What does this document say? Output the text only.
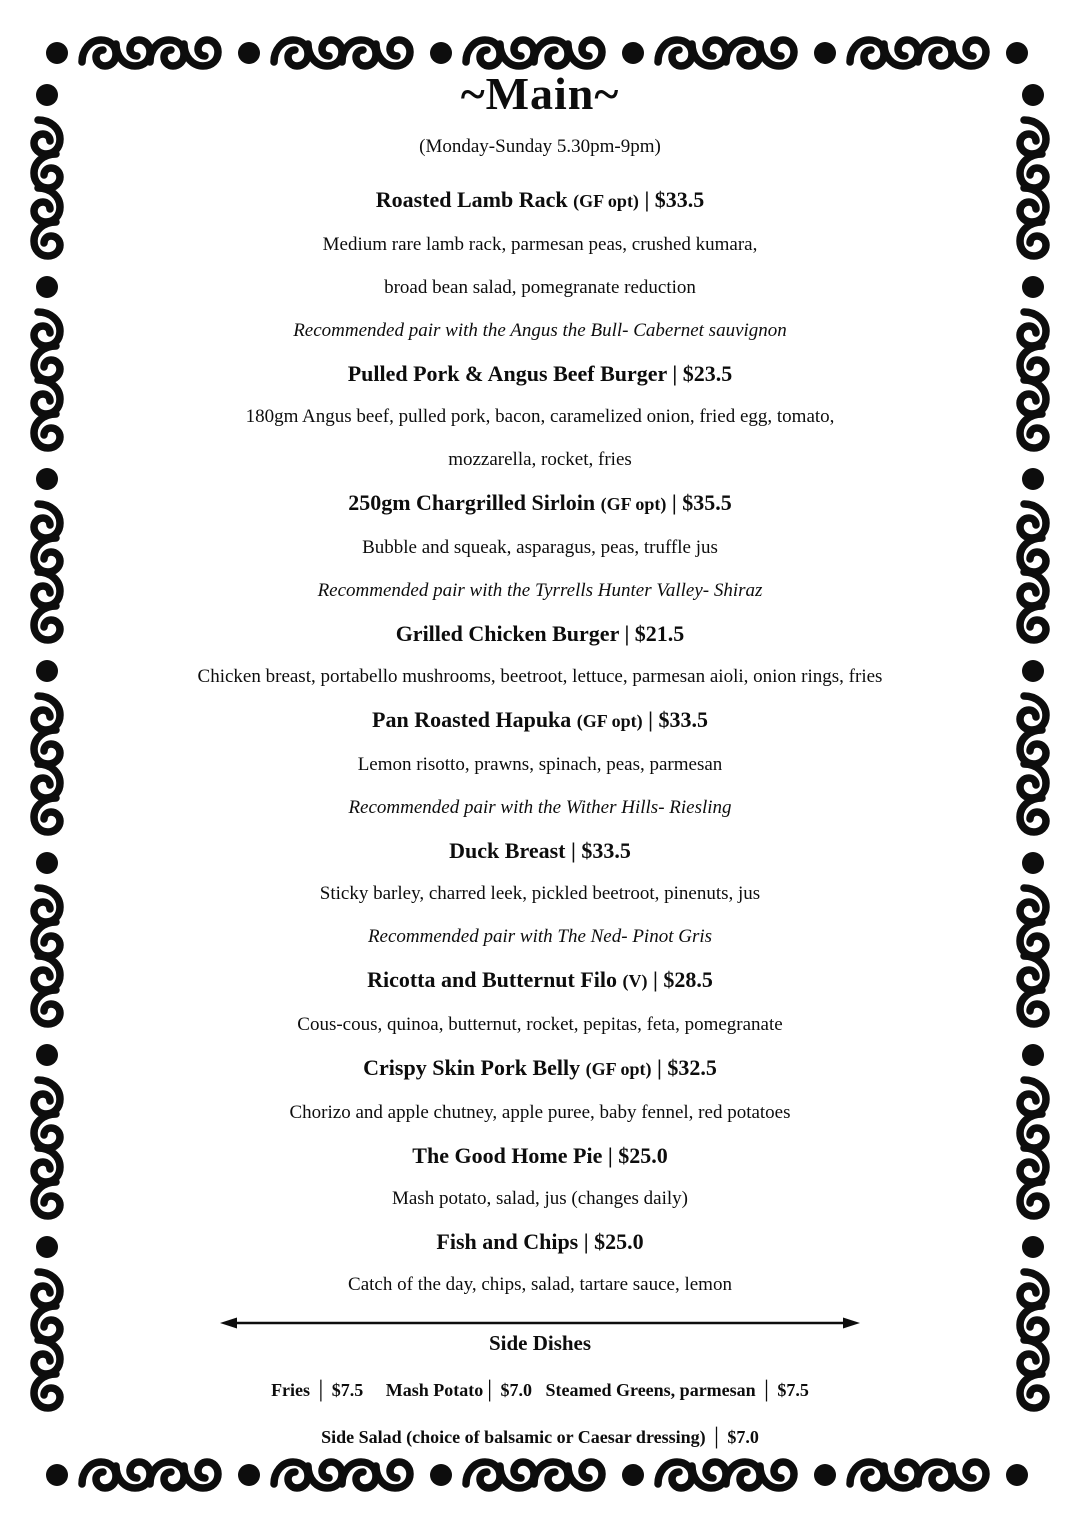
~Main~
(Monday-Sunday 5.30pm-9pm)
Roasted Lamb Rack (GF opt) | $33.5
Medium rare lamb rack, parmesan peas, crushed kumara,
broad bean salad, pomegranate reduction
Recommended pair with the Angus the Bull- Cabernet sauvignon
Pulled Pork & Angus Beef Burger | $23.5
180gm Angus beef, pulled pork, bacon, caramelized onion, fried egg, tomato,
mozzarella, rocket, fries
250gm Chargrilled Sirloin (GF opt) | $35.5
Bubble and squeak, asparagus, peas, truffle jus
Recommended pair with the Tyrrells Hunter Valley- Shiraz
Grilled Chicken Burger | $21.5
Chicken breast, portabello mushrooms, beetroot, lettuce, parmesan aioli, onion rings, fries
Pan Roasted Hapuka (GF opt) | $33.5
Lemon risotto, prawns, spinach, peas, parmesan
Recommended pair with the Wither Hills- Riesling
Duck Breast | $33.5
Sticky barley, charred leek, pickled beetroot, pinenuts, jus
Recommended pair with The Ned- Pinot Gris
Ricotta and Butternut Filo (V) | $28.5
Cous-cous, quinoa, butternut, rocket, pepitas, feta, pomegranate
Crispy Skin Pork Belly (GF opt) | $32.5
Chorizo and apple chutney, apple puree, baby fennel, red potatoes
The Good Home Pie | $25.0
Mash potato, salad, jus (changes daily)
Fish and Chips | $25.0
Catch of the day, chips, salad, tartare sauce, lemon
Side Dishes
Fries │ $7.5     Mash Potato│ $7.0   Steamed Greens, parmesan │ $7.5
Side Salad (choice of balsamic or Caesar dressing) │ $7.0
